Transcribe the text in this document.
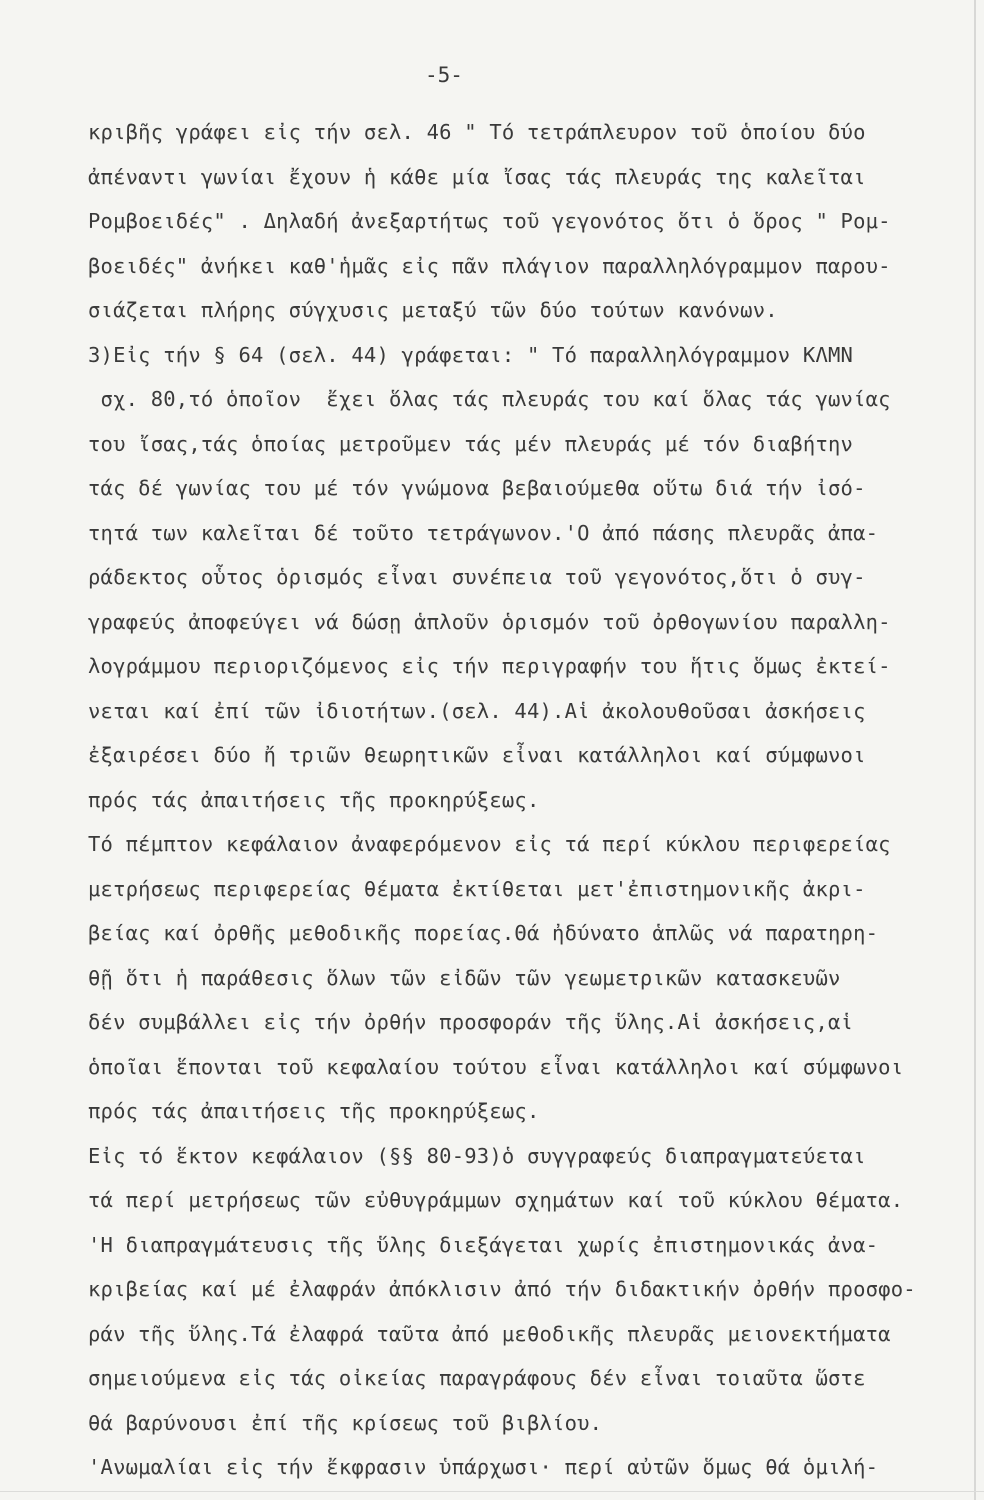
-5-
κριβῆς γράφει εἰς τήν σελ. 46 " Τό τετράπλευρον τοῦ ὁποίου δύο
ἀπέναντι γωνίαι ἔχουν ἡ κάθε μία ἴσας τάς πλευράς της καλεῖται
Ρομβοειδές" . Δηλαδή ἀνεξαρτήτως τοῦ γεγονότος ὅτι ὁ ὅρος " Ρομ-
βοειδές" ἀνήκει καθ'ἡμᾶς εἰς πᾶν πλάγιον παραλληλόγραμμον παρου-
σιάζεται πλήρης σύγχυσις μεταξύ τῶν δύο τούτων κανόνων.
3)Εἰς τήν § 64 (σελ. 44) γράφεται: " Τό παραλληλόγραμμον ΚΛΜΝ
σχ. 80,τό ὁποῖον  ἔχει ὅλας τάς πλευράς του καί ὅλας τάς γωνίας
του ἴσας,τάς ὁποίας μετροῦμεν τάς μέν πλευράς μέ τόν διαβήτην
τάς δέ γωνίας του μέ τόν γνώμονα βεβαιούμεθα οὕτω διά τήν ἰσό-
τητά των καλεῖται δέ τοῦτο τετράγωνον.'Ο ἀπό πάσης πλευρᾶς ἀπα-
ράδεκτος οὗτος ὁρισμός εἶναι συνέπεια τοῦ γεγονότος,ὅτι ὁ συγ-
γραφεύς ἀποφεύγει νά δώσῃ ἁπλοῦν ὁρισμόν τοῦ ὀρθογωνίου παραλλη-
λογράμμου περιοριζόμενος εἰς τήν περιγραφήν του ἥτις ὅμως ἐκτεί-
νεται καί ἐπί τῶν ἰδιοτήτων.(σελ. 44).Αἱ ἀκολουθοῦσαι ἀσκήσεις
ἐξαιρέσει δύο ἤ τριῶν θεωρητικῶν εἶναι κατάλληλοι καί σύμφωνοι
πρός τάς ἀπαιτήσεις τῆς προκηρύξεως.
Τό πέμπτον κεφάλαιον ἀναφερόμενον εἰς τά περί κύκλου περιφερείας
μετρήσεως περιφερείας θέματα ἐκτίθεται μετ'ἐπιστημονικῆς ἀκρι-
βείας καί ὀρθῆς μεθοδικῆς πορείας.Θά ἠδύνατο ἁπλῶς νά παρατηρη-
θῇ ὅτι ἡ παράθεσις ὅλων τῶν εἰδῶν τῶν γεωμετρικῶν κατασκευῶν
δέν συμβάλλει εἰς τήν ὀρθήν προσφοράν τῆς ὕλης.Αἱ ἀσκήσεις,αἱ
ὁποῖαι ἕπονται τοῦ κεφαλαίου τούτου εἶναι κατάλληλοι καί σύμφωνοι
πρός τάς ἀπαιτήσεις τῆς προκηρύξεως.
Εἰς τό ἕκτον κεφάλαιον (§§ 80-93)ὁ συγγραφεύς διαπραγματεύεται
τά περί μετρήσεως τῶν εὐθυγράμμων σχημάτων καί τοῦ κύκλου θέματα.
'Η διαπραγμάτευσις τῆς ὕλης διεξάγεται χωρίς ἐπιστημονικάς ἀνα-
κριβείας καί μέ ἐλαφράν ἀπόκλισιν ἀπό τήν διδακτικήν ὀρθήν προσφο-
ράν τῆς ὕλης.Τά ἐλαφρά ταῦτα ἀπό μεθοδικῆς πλευρᾶς μειονεκτήματα
σημειούμενα εἰς τάς οἰκείας παραγράφους δέν εἶναι τοιαῦτα ὥστε
θά βαρύνουσι ἐπί τῆς κρίσεως τοῦ βιβλίου.
'Ανωμαλίαι εἰς τήν ἔκφρασιν ὑπάρχωσι· περί αὐτῶν ὅμως θά ὁμιλή-
